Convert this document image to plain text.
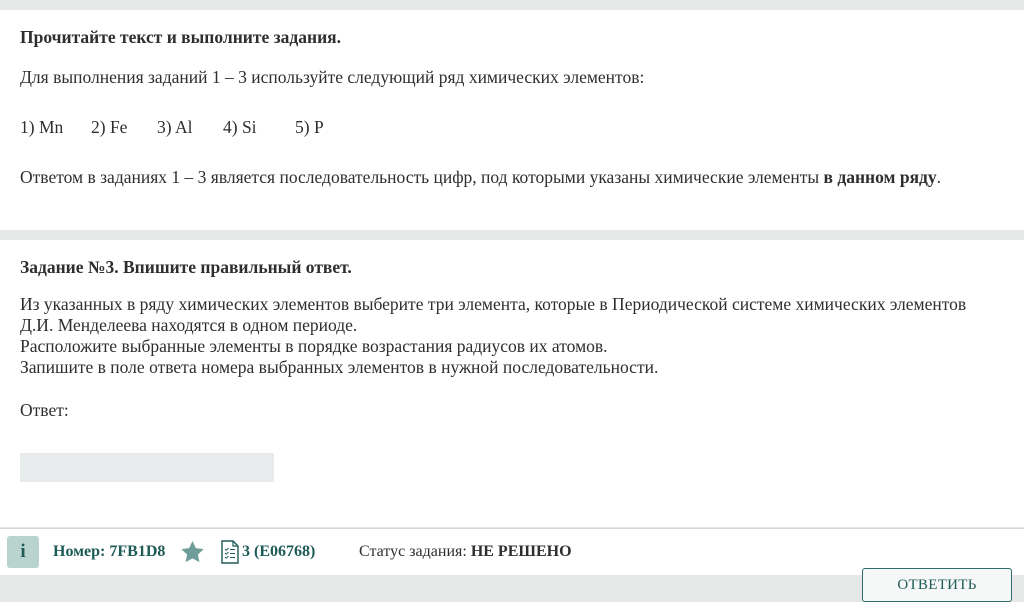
Прочитайте текст и выполните задания.
Для выполнения заданий 1 – 3 используйте следующий ряд химических элементов:
1) Mn 2) Fe 3) Al 4) Si 5) P
Ответом в заданиях 1 – 3 является последовательность цифр, под которыми указаны химические элементы в данном ряду.
Задание №3. Впишите правильный ответ.
Из указанных в ряду химических элементов выберите три элемента, которые в Периодической системе химических элементов
Д.И. Менделеева находятся в одном периоде.
Расположите выбранные элементы в порядке возрастания радиусов их атомов.
Запишите в поле ответа номера выбранных элементов в нужной последовательности.
Ответ:
i	Номер: 7FB1D8	3 (E06768)	Статус задания: НЕ РЕШЕНО
ОТВЕТИТЬ
